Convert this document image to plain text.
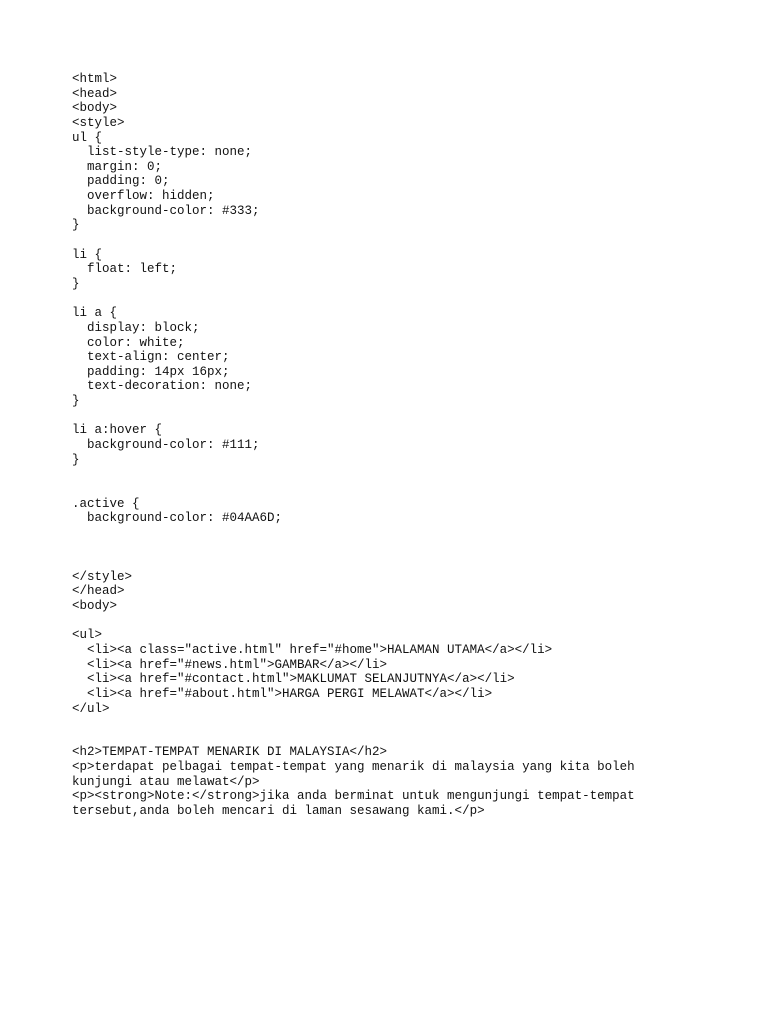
<html>
<head>
<body>
<style>
ul {
list-style-type: none;
margin: 0;
padding: 0;
overflow: hidden;
background-color: #333;
}
li {
float: left;
}
li a {
display: block;
color: white;
text-align: center;
padding: 14px 16px;
text-decoration: none;
}
li a:hover {
background-color: #111;
}
.active {
background-color: #04AA6D;
</style>
</head>
<body>
<ul>
<li><a class="active.html" href="#home">HALAMAN UTAMA</a></li>
<li><a href="#news.html">GAMBAR</a></li>
<li><a href="#contact.html">MAKLUMAT SELANJUTNYA</a></li>
<li><a href="#about.html">HARGA PERGI MELAWAT</a></li>
</ul>
<h2>TEMPAT-TEMPAT MENARIK DI MALAYSIA</h2>
<p>terdapat pelbagai tempat-tempat yang menarik di malaysia yang kita boleh
kunjungi atau melawat</p>
<p><strong>Note:</strong>jika anda berminat untuk mengunjungi tempat-tempat
tersebut,anda boleh mencari di laman sesawang kami.</p>
